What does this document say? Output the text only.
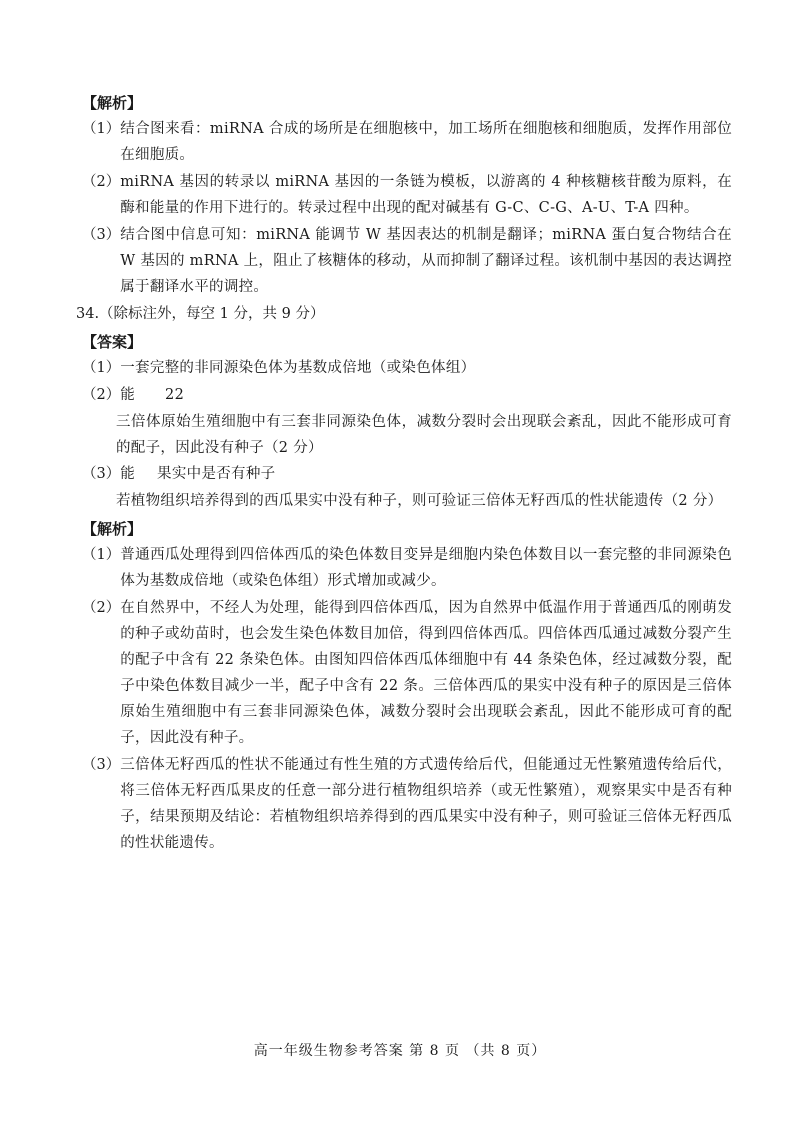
【解析】
（1） 结合图来看：miRNA 合成的场所是在细胞核中，加工场所在细胞核和细胞质，发挥作用部位在细胞质。
（2） miRNA 基因的转录以 miRNA 基因的一条链为模板，以游离的 4 种核糖核苷酸为原料，在酶和能量的作用下进行的。转录过程中出现的配对碱基有 G-C、C-G、A-U、T-A 四种。
（3） 结合图中信息可知：miRNA 能调节 W 基因表达的机制是翻译；miRNA 蛋白复合物结合在 W 基因的 mRNA 上，阻止了核糖体的移动，从而抑制了翻译过程。该机制中基因的表达调控属于翻译水平的调控。
34.（除标注外，每空 1 分，共 9 分）
【答案】
（1） 一套完整的非同源染色体为基数成倍地（或染色体组）
（2） 能 22
三倍体原始生殖细胞中有三套非同源染色体，减数分裂时会出现联会紊乱，因此不能形成可育的配子，因此没有种子（2 分）
（3） 能 果实中是否有种子
若植物组织培养得到的西瓜果实中没有种子，则可验证三倍体无籽西瓜的性状能遗传（2 分）
【解析】
（1） 普通西瓜处理得到四倍体西瓜的染色体数目变异是细胞内染色体数目以一套完整的非同源染色体为基数成倍地（或染色体组）形式增加或减少。
（2） 在自然界中，不经人为处理，能得到四倍体西瓜，因为自然界中低温作用于普通西瓜的刚萌发的种子或幼苗时，也会发生染色体数目加倍，得到四倍体西瓜。四倍体西瓜通过减数分裂产生的配子中含有 22 条染色体。由图知四倍体西瓜体细胞中有 44 条染色体，经过减数分裂，配子中染色体数目减少一半，配子中含有 22 条。三倍体西瓜的果实中没有种子的原因是三倍体原始生殖细胞中有三套非同源染色体，减数分裂时会出现联会紊乱，因此不能形成可育的配子，因此没有种子。
（3） 三倍体无籽西瓜的性状不能通过有性生殖的方式遗传给后代，但能通过无性繁殖遗传给后代，将三倍体无籽西瓜果皮的任意一部分进行植物组织培养（或无性繁殖），观察果实中是否有种子，结果预期及结论：若植物组织培养得到的西瓜果实中没有种子，则可验证三倍体无籽西瓜的性状能遗传。
高一年级生物参考答案 第 8 页 （共 8 页）
